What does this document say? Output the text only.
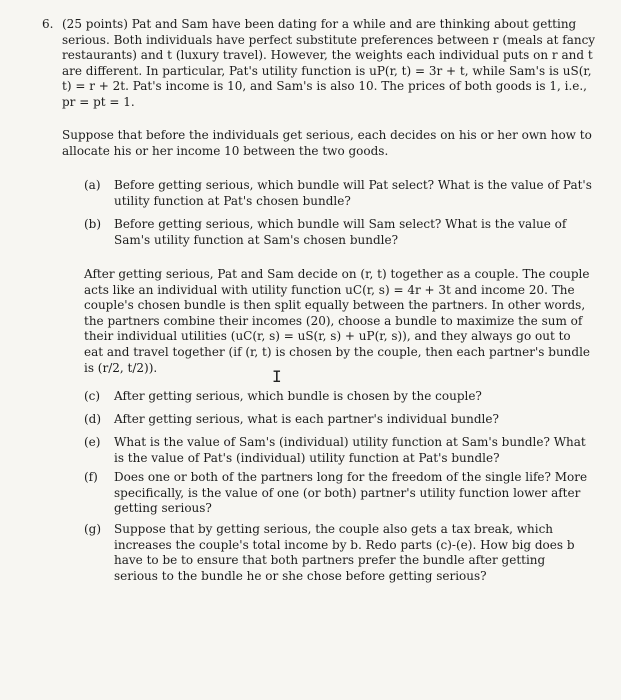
6. (25 points) Pat and Sam have been dating for a while and are thinking about getting serious. Both individuals have perfect substitute preferences between r (meals at fancy restaurants) and t (luxury travel). However, the weights each individual puts on r and t are different. In particular, Pat's utility function is uP(r, t) = 3r + t, while Sam's is uS(r, t) = r + 2t. Pat's income is 10, and Sam's is also 10. The prices of both goods is 1, i.e., pr = pt = 1.
Suppose that before the individuals get serious, each decides on his or her own how to allocate his or her income 10 between the two goods.
(a) Before getting serious, which bundle will Pat select? What is the value of Pat's utility function at Pat's chosen bundle?
(b) Before getting serious, which bundle will Sam select? What is the value of Sam's utility function at Sam's chosen bundle?
After getting serious, Pat and Sam decide on (r, t) together as a couple. The couple acts like an individual with utility function uC(r, s) = 4r + 3t and income 20. The couple's chosen bundle is then split equally between the partners. In other words, the partners combine their incomes (20), choose a bundle to maximize the sum of their individual utilities (uC(r, s) = uS(r, s) + uP(r, s)), and they always go out to eat and travel together (if (r, t) is chosen by the couple, then each partner's bundle is (r/2, t/2)).	I
(c) After getting serious, which bundle is chosen by the couple?
(d) After getting serious, what is each partner's individual bundle?
(e) What is the value of Sam's (individual) utility function at Sam's bundle? What is the value of Pat's (individual) utility function at Pat's bundle?
(f) Does one or both of the partners long for the freedom of the single life? More specifically, is the value of one (or both) partner's utility function lower after getting serious?
(g) Suppose that by getting serious, the couple also gets a tax break, which increases the couple's total income by b. Redo parts (c)-(e). How big does b have to be to ensure that both partners prefer the bundle after getting serious to the bundle he or she chose before getting serious?
